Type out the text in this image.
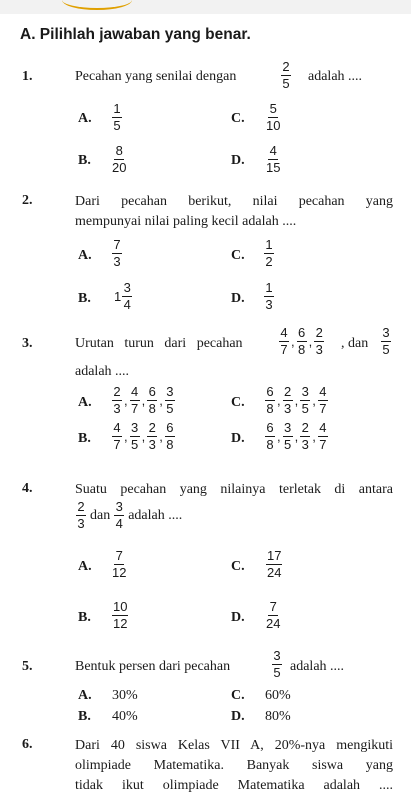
A. Pilihlah jawaban yang benar.
1.	Pecahan yang senilai dengan	$\frac{2}{5}$ adalah ....
A. $\frac{1}{5}$	C. $\frac{5}{10}$
B. $\frac{8}{20}$	D. $\frac{4}{15}$
2.	Dari pecahan berikut, nilai pecahan yang
mempunyai nilai paling kecil adalah ....
A. $\frac{7}{3}$	C. $\frac{1}{2}$
B. $1 \frac{3}{4}$	D. $\frac{1}{3}$
3.	Urutan turun dari pecahan	$\frac{4}{7}$ , $\frac{6}{8}$ , $\frac{2}{3}$ , dan $\frac{3}{5}$
adalah ....
A. $\frac{2}{3}$ , $\frac{4}{7}$ , $\frac{6}{8}$ , $\frac{3}{5}$	C. $\frac{6}{8}$ , $\frac{2}{3}$ , $\frac{3}{5}$ , $\frac{4}{7}$
B. $\frac{4}{7}$ , $\frac{3}{5}$ , $\frac{2}{3}$ , $\frac{6}{8}$	D. $\frac{6}{8}$ , $\frac{3}{5}$ , $\frac{2}{3}$ , $\frac{4}{7}$
4.	Suatu pecahan yang nilainya terletak di antara
$\frac{2}{3}$ dan $\frac{3}{4}$ adalah ....
A. $\frac{7}{12}$	C. $\frac{17}{24}$
B. $\frac{10}{12}$	D. $\frac{7}{24}$
5.	Bentuk persen dari pecahan	$\frac{3}{5}$ adalah ....
A. 30%	C. 60%
B. 40%	D. 80%
6.	Dari 40 siswa Kelas VII A, 20%-nya mengikuti
olimpiade Matematika. Banyak siswa yang
tidak ikut olimpiade Matematika adalah ....
